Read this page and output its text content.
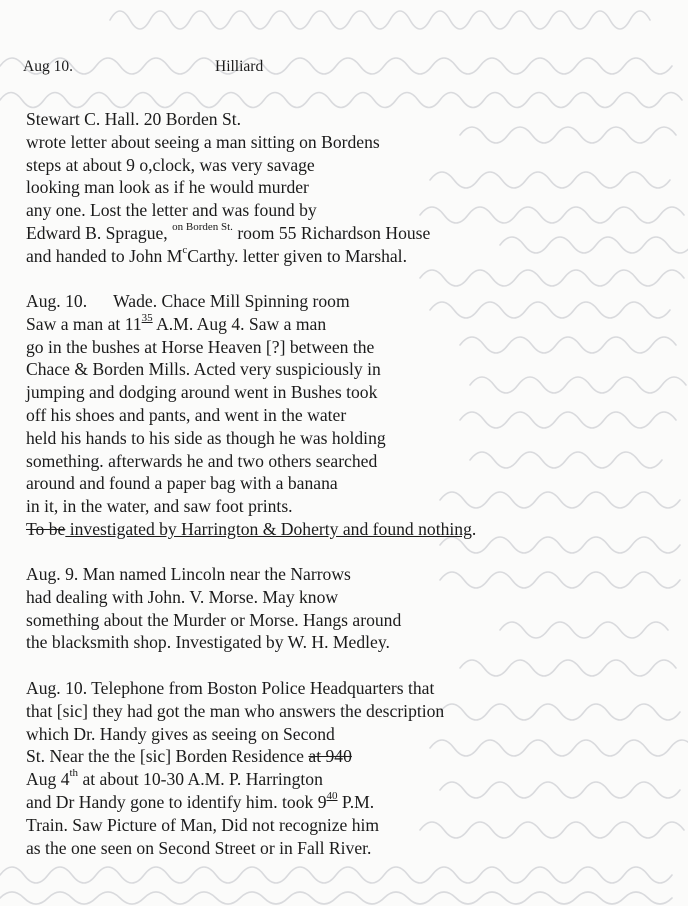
Aug 10.	Hilliard
Stewart C. Hall. 20 Borden St.
wrote letter about seeing a man sitting on Bordens
steps at about 9 o,clock, was very savage
looking man look as if he would murder
any one. Lost the letter and was found by
Edward B. Sprague, $^{on Borden St.}$ room 55 Richardson House
and handed to John $M^cCarthy$. letter given to Marshal.
Aug. 10. Wade. Chace Mill Spinning room
Saw a man at $11^{35}$ A.M. Aug 4. Saw a man
go in the bushes at Horse Heaven [?] between the
Chace & Borden Mills. Acted very suspiciously in
jumping and dodging around went in Bushes took
off his shoes and pants, and went in the water
held his hands to his side as though he was holding
something. afterwards he and two others searched
around and found a paper bag with a banana
in it, in the water, and saw foot prints.
To be investigated by Harrington & Doherty and found nothing.
Aug. 9. Man named Lincoln near the Narrows
had dealing with John. V. Morse. May know
something about the Murder or Morse. Hangs around
the blacksmith shop. Investigated by W. H. Medley.
Aug. 10. Telephone from Boston Police Headquarters that
that [sic] they had got the man who answers the description
which Dr. Handy gives as seeing on Second
St. Near the the [sic] Borden Residence at 940
Aug 4th at about 10-30 A.M. P. Harrington
and Dr Handy gone to identify him. took $9^{40}$ P.M.
Train. Saw Picture of Man, Did not recognize him
as the one seen on Second Street or in Fall River.
